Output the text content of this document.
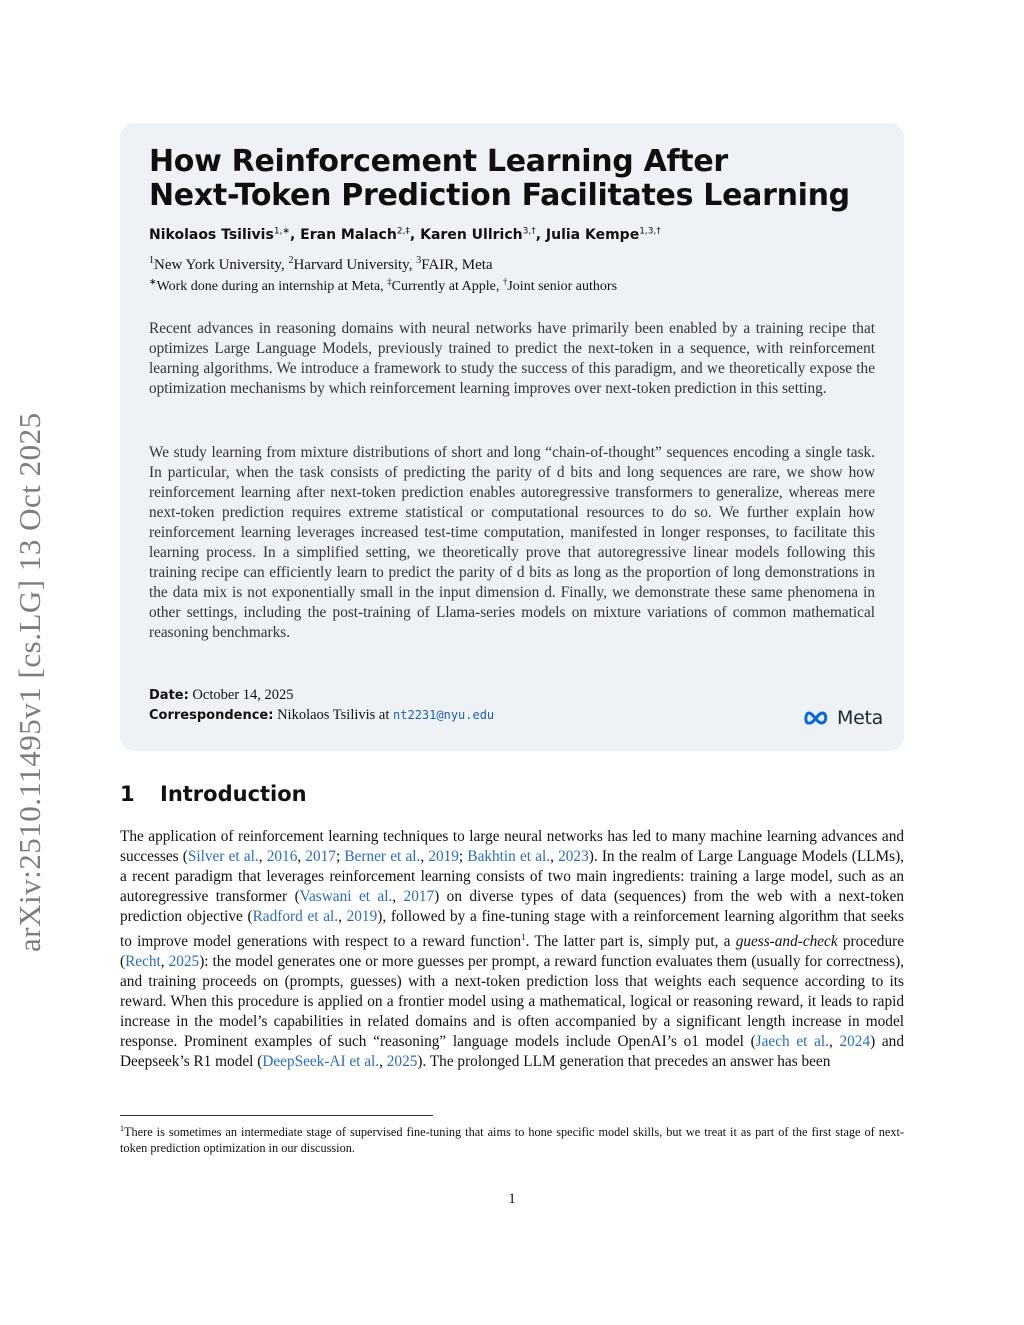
arXiv:2510.11495v1 [cs.LG] 13 Oct 2025
How Reinforcement Learning After
Next-Token Prediction Facilitates Learning
Nikolaos Tsilivis$^{1,∗}$, Eran Malach$^{2,\ddagger}$, Karen Ullrich$^{3,\dagger}$, Julia Kempe$^{1,3,\dagger}$
$^1$New York University, $^2$Harvard University, $^3$FAIR, Meta
∗Work done during an internship at Meta, ‡Currently at Apple, †Joint senior authors

Recent advances in reasoning domains with neural networks have primarily been enabled by a training recipe that optimizes Large Language Models, previously trained to predict the next-token in a sequence, with reinforcement learning algorithms. We introduce a framework to study the success of this paradigm, and we theoretically expose the optimization mechanisms by which reinforcement learning improves over next-token prediction in this setting.

We study learning from mixture distributions of short and long “chain-of-thought” sequences encoding a single task. In particular, when the task consists of predicting the parity of d bits and long sequences are rare, we show how reinforcement learning after next-token prediction enables autoregressive transformers to generalize, whereas mere next-token prediction requires extreme statistical or computational resources to do so. We further explain how reinforcement learning leverages increased test-time computation, manifested in longer responses, to facilitate this learning process. In a simplified setting, we theoretically prove that autoregressive linear models following this training recipe can efficiently learn to predict the parity of d bits as long as the proportion of long demonstrations in the data mix is not exponentially small in the input dimension d. Finally, we demonstrate these same phenomena in other settings, including the post-training of Llama-series models on mixture variations of common mathematical reasoning benchmarks.

Date: October 14, 2025
Correspondence: Nikolaos Tsilivis at nt2231@nyu.edu	Meta
1 Introduction

The application of reinforcement learning techniques to large neural networks has led to many machine learning advances and successes (Silver et al., 2016, 2017; Berner et al., 2019; Bakhtin et al., 2023). In the realm of Large Language Models (LLMs), a recent paradigm that leverages reinforcement learning consists of two main ingredients: training a large model, such as an autoregressive transformer (Vaswani et al., 2017) on diverse types of data (sequences) from the web with a next-token prediction objective (Radford et al., 2019), followed by a fine-tuning stage with a reinforcement learning algorithm that seeks to improve model generations with respect to a reward function$^1$. The latter part is, simply put, a guess-and-check procedure (Recht, 2025): the model generates one or more guesses per prompt, a reward function evaluates them (usually for correctness), and training proceeds on (prompts, guesses) with a next-token prediction loss that weights each sequence according to its reward. When this procedure is applied on a frontier model using a mathematical, logical or reasoning reward, it leads to rapid increase in the model’s capabilities in related domains and is often accompanied by a significant length increase in model response. Prominent examples of such “reasoning” language models include OpenAI’s o1 model (Jaech et al., 2024) and Deepseek’s R1 model (DeepSeek-AI et al., 2025). The prolonged LLM generation that precedes an answer has been

$^1$There is sometimes an intermediate stage of supervised fine-tuning that aims to hone specific model skills, but we treat it as part of the first stage of next-token prediction optimization in our discussion.

1
